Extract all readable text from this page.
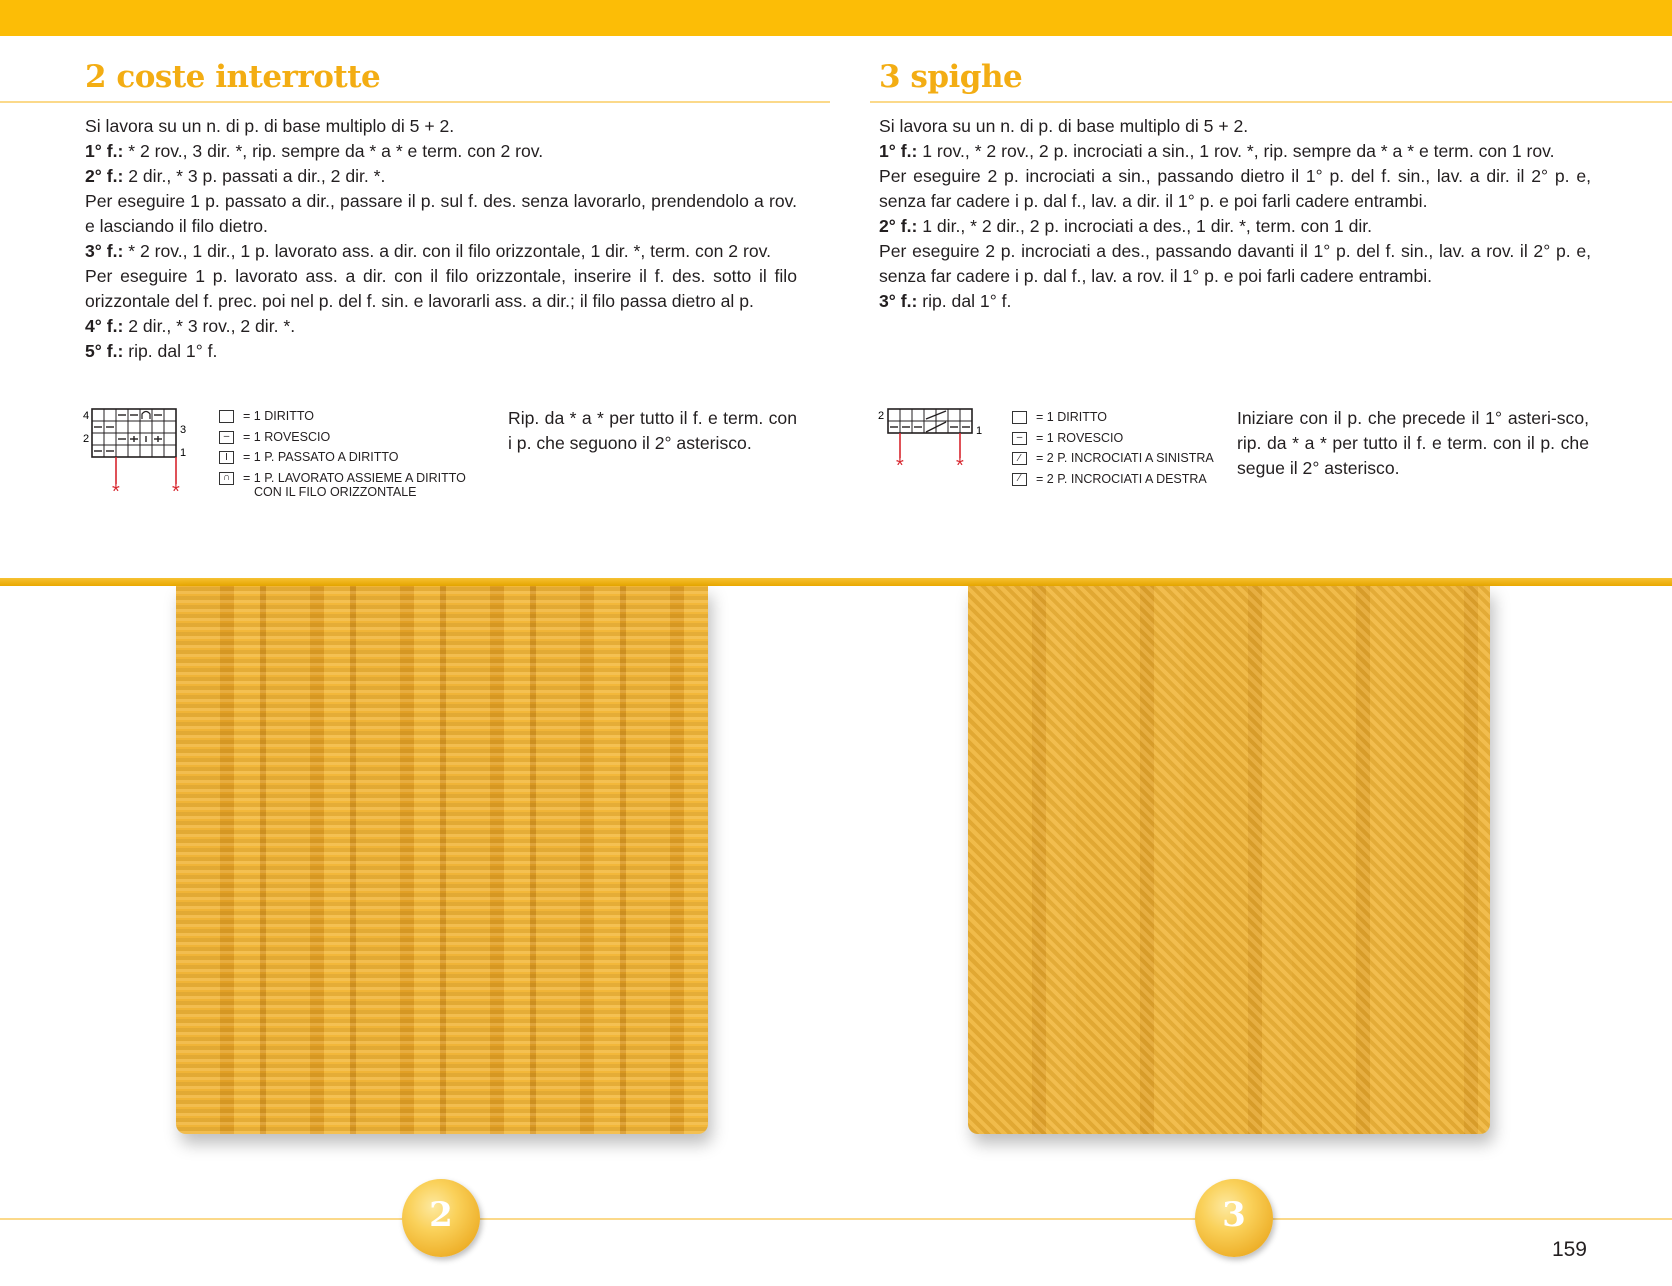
2 coste interrotte

Si lavora su un n. di p. di base multiplo di 5 + 2.

1° f.: * 2 rov., 3 dir. *, rip. sempre da * a * e term. con 2 rov.

2° f.: 2 dir., * 3 p. passati a dir., 2 dir. *.

Per eseguire 1 p. passato a dir., passare il p. sul f. des. senza lavorarlo, prendendolo a rov. e lasciando il filo dietro.

3° f.: * 2 rov., 1 dir., 1 p. lavorato ass. a dir. con il filo orizzontale, 1 dir. *, term. con 2 rov.

Per eseguire 1 p. lavorato ass. a dir. con il filo orizzontale, inserire il f. des. sotto il filo orizzontale del f. prec. poi nel p. del f. sin. e lavorarli ass. a dir.; il filo passa dietro al p.

4° f.: 2 dir., * 3 rov., 2 dir. *.

5° f.: rip. dal 1° f.

4
2
3
1
*	*
= 1 DIRITTO
–	= 1 ROVESCIO
I	= 1 P. PASSATO A DIRITTO
∩	= 1 P. LAVORATO ASSIEME A DIRITTO
CON IL FILO ORIZZONTALE
Rip. da * a * per tutto il f. e term. con i p. che seguono il 2° asterisco.
3 spighe

Si lavora su un n. di p. di base multiplo di 5 + 2.

1° f.: 1 rov., * 2 rov., 2 p. incrociati a sin., 1 rov. *, rip. sempre da * a * e term. con 1 rov.

Per eseguire 2 p. incrociati a sin., passando dietro il 1° p. del f. sin., lav. a dir. il 2° p. e, senza far cadere i p. dal f., lav. a dir. il 1° p. e poi farli cadere entrambi.

2° f.: 1 dir., * 2 dir., 2 p. incrociati a des., 1 dir. *, term. con 1 dir.

Per eseguire 2 p. incrociati a des., passando davanti il 1° p. del f. sin., lav. a rov. il 2° p. e, senza far cadere i p. dal f., lav. a rov. il 1° p. e poi farli cadere entrambi.

3° f.: rip. dal 1° f.

2
1
*	*
= 1 DIRITTO
–	= 1 ROVESCIO
⁄	= 2 P. INCROCIATI A SINISTRA
⁄	= 2 P. INCROCIATI A DESTRA
Iniziare con il p. che precede il 1° asteri-sco, rip. da * a * per tutto il f. e term. con il p. che segue il 2° asterisco.
2	3
159
